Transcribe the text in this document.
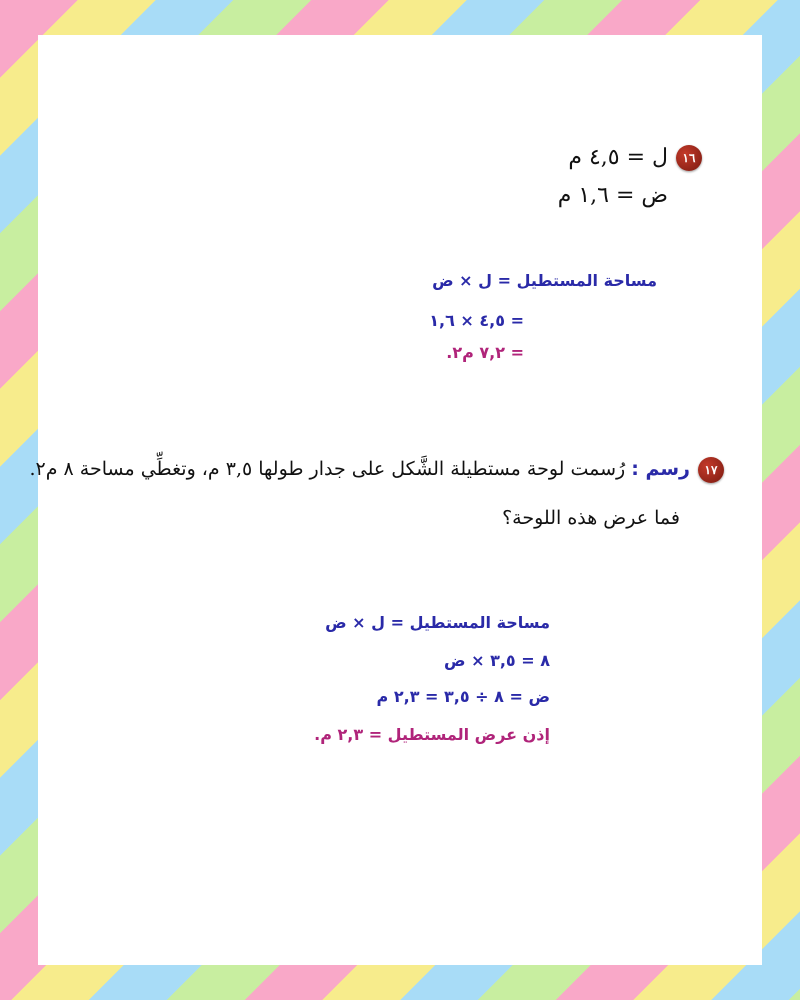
١٦ل = ٤,٥ م
ض = ١,٦ م
مساحة المستطيل = ل × ض
= ٤,٥ × ١,٦
= ٧,٢ م٢.
١٧رسم : رُسمت لوحة مستطيلة الشَّكل على جدار طولها ٣,٥ م، وتغطِّي مساحة ٨ م٢.
فما عرض هذه اللوحة؟
مساحة المستطيل = ل × ض
٨ = ٣,٥ × ض
ض = ٨ ÷ ٣,٥ = ٢,٣ م
إذن عرض المستطيل = ٢,٣ م.
